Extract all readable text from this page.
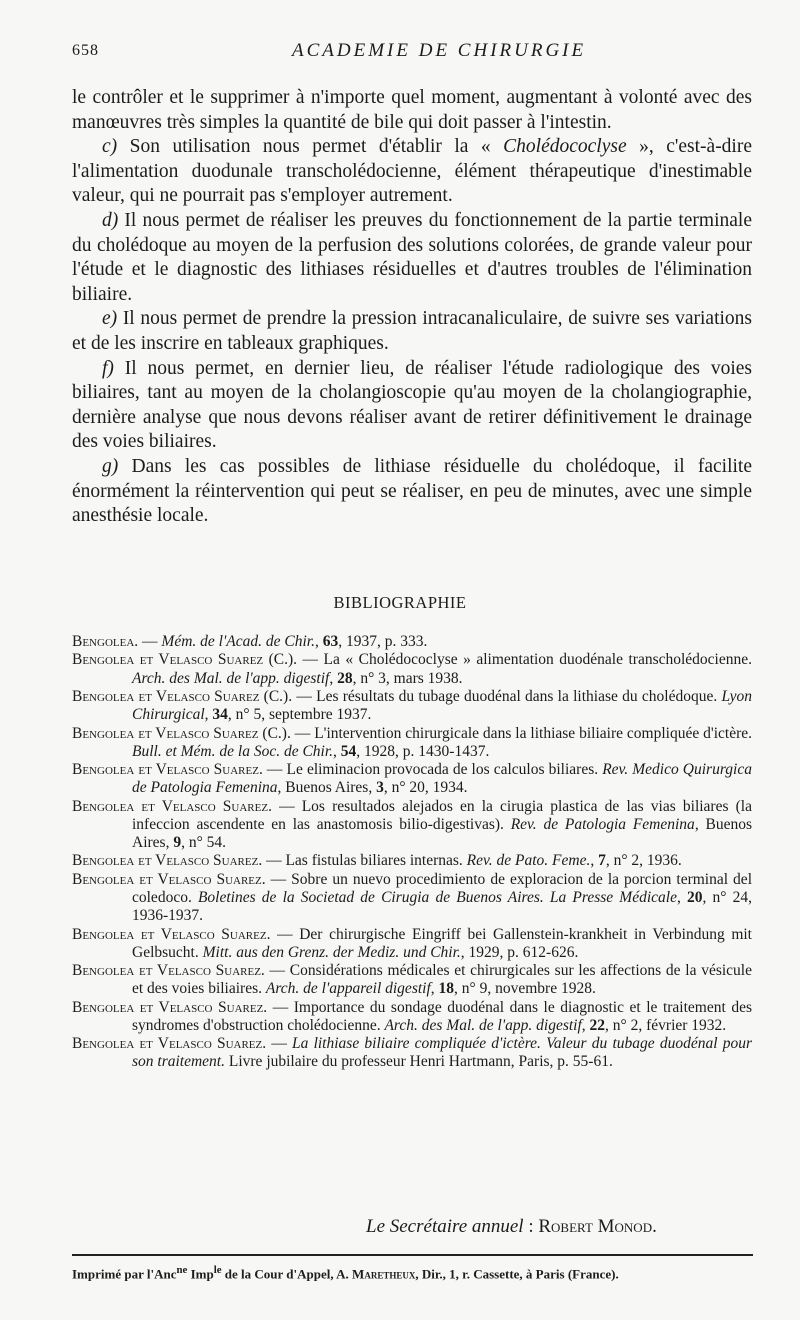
658	ACADEMIE DE CHIRURGIE

le contrôler et le supprimer à n'importe quel moment, augmentant à volonté avec des manœuvres très simples la quantité de bile qui doit passer à l'intestin.

c) Son utilisation nous permet d'établir la « Cholédococlyse », c'est-à-dire l'alimentation duodunale transcholédocienne, élément thérapeutique d'inestimable valeur, qui ne pourrait pas s'employer autrement.

d) Il nous permet de réaliser les preuves du fonctionnement de la partie terminale du cholédoque au moyen de la perfusion des solutions colorées, de grande valeur pour l'étude et le diagnostic des lithiases résiduelles et d'autres troubles de l'élimination biliaire.

e) Il nous permet de prendre la pression intracanaliculaire, de suivre ses variations et de les inscrire en tableaux graphiques.

f) Il nous permet, en dernier lieu, de réaliser l'étude radiologique des voies biliaires, tant au moyen de la cholangioscopie qu'au moyen de la cholangiographie, dernière analyse que nous devons réaliser avant de retirer définitivement le drainage des voies biliaires.

g) Dans les cas possibles de lithiase résiduelle du cholédoque, il facilite énormément la réintervention qui peut se réaliser, en peu de minutes, avec une simple anesthésie locale.

BIBLIOGRAPHIE

Bengolea. — Mém. de l'Acad. de Chir., 63, 1937, p. 333.

Bengolea et Velasco Suarez (C.). — La « Cholédococlyse » alimentation duodénale transcholédocienne. Arch. des Mal. de l'app. digestif, 28, n° 3, mars 1938.

Bengolea et Velasco Suarez (C.). — Les résultats du tubage duodénal dans la lithiase du cholédoque. Lyon Chirurgical, 34, n° 5, septembre 1937.

Bengolea et Velasco Suarez (C.). — L'intervention chirurgicale dans la lithiase biliaire compliquée d'ictère. Bull. et Mém. de la Soc. de Chir., 54, 1928, p. 1430-1437.

Bengolea et Velasco Suarez. — Le eliminacion provocada de los calculos biliares. Rev. Medico Quirurgica de Patologia Femenina, Buenos Aires, 3, n° 20, 1934.

Bengolea et Velasco Suarez. — Los resultados alejados en la cirugia plastica de las vias biliares (la infeccion ascendente en las anastomosis bilio-digestivas). Rev. de Patologia Femenina, Buenos Aires, 9, n° 54.

Bengolea et Velasco Suarez. — Las fistulas biliares internas. Rev. de Pato. Feme., 7, n° 2, 1936.

Bengolea et Velasco Suarez. — Sobre un nuevo procedimiento de exploracion de la porcion terminal del coledoco. Boletines de la Societad de Cirugia de Buenos Aires. La Presse Médicale, 20, n° 24, 1936-1937.

Bengolea et Velasco Suarez. — Der chirurgische Eingriff bei Gallenstein-krankheit in Verbindung mit Gelbsucht. Mitt. aus den Grenz. der Mediz. und Chir., 1929, p. 612-626.

Bengolea et Velasco Suarez. — Considérations médicales et chirurgicales sur les affections de la vésicule et des voies biliaires. Arch. de l'appareil digestif, 18, n° 9, novembre 1928.

Bengolea et Velasco Suarez. — Importance du sondage duodénal dans le diagnostic et le traitement des syndromes d'obstruction cholédocienne. Arch. des Mal. de l'app. digestif, 22, n° 2, février 1932.

Bengolea et Velasco Suarez. — La lithiase biliaire compliquée d'ictère. Valeur du tubage duodénal pour son traitement. Livre jubilaire du professeur Henri Hartmann, Paris, p. 55-61.

Le Secrétaire annuel : Robert Monod.
Imprimé par l'Anc$^{ne}$ Imp$^{le}$ de la Cour d'Appel, A. Maretheux, Dir., 1, r. Cassette, à Paris (France).
